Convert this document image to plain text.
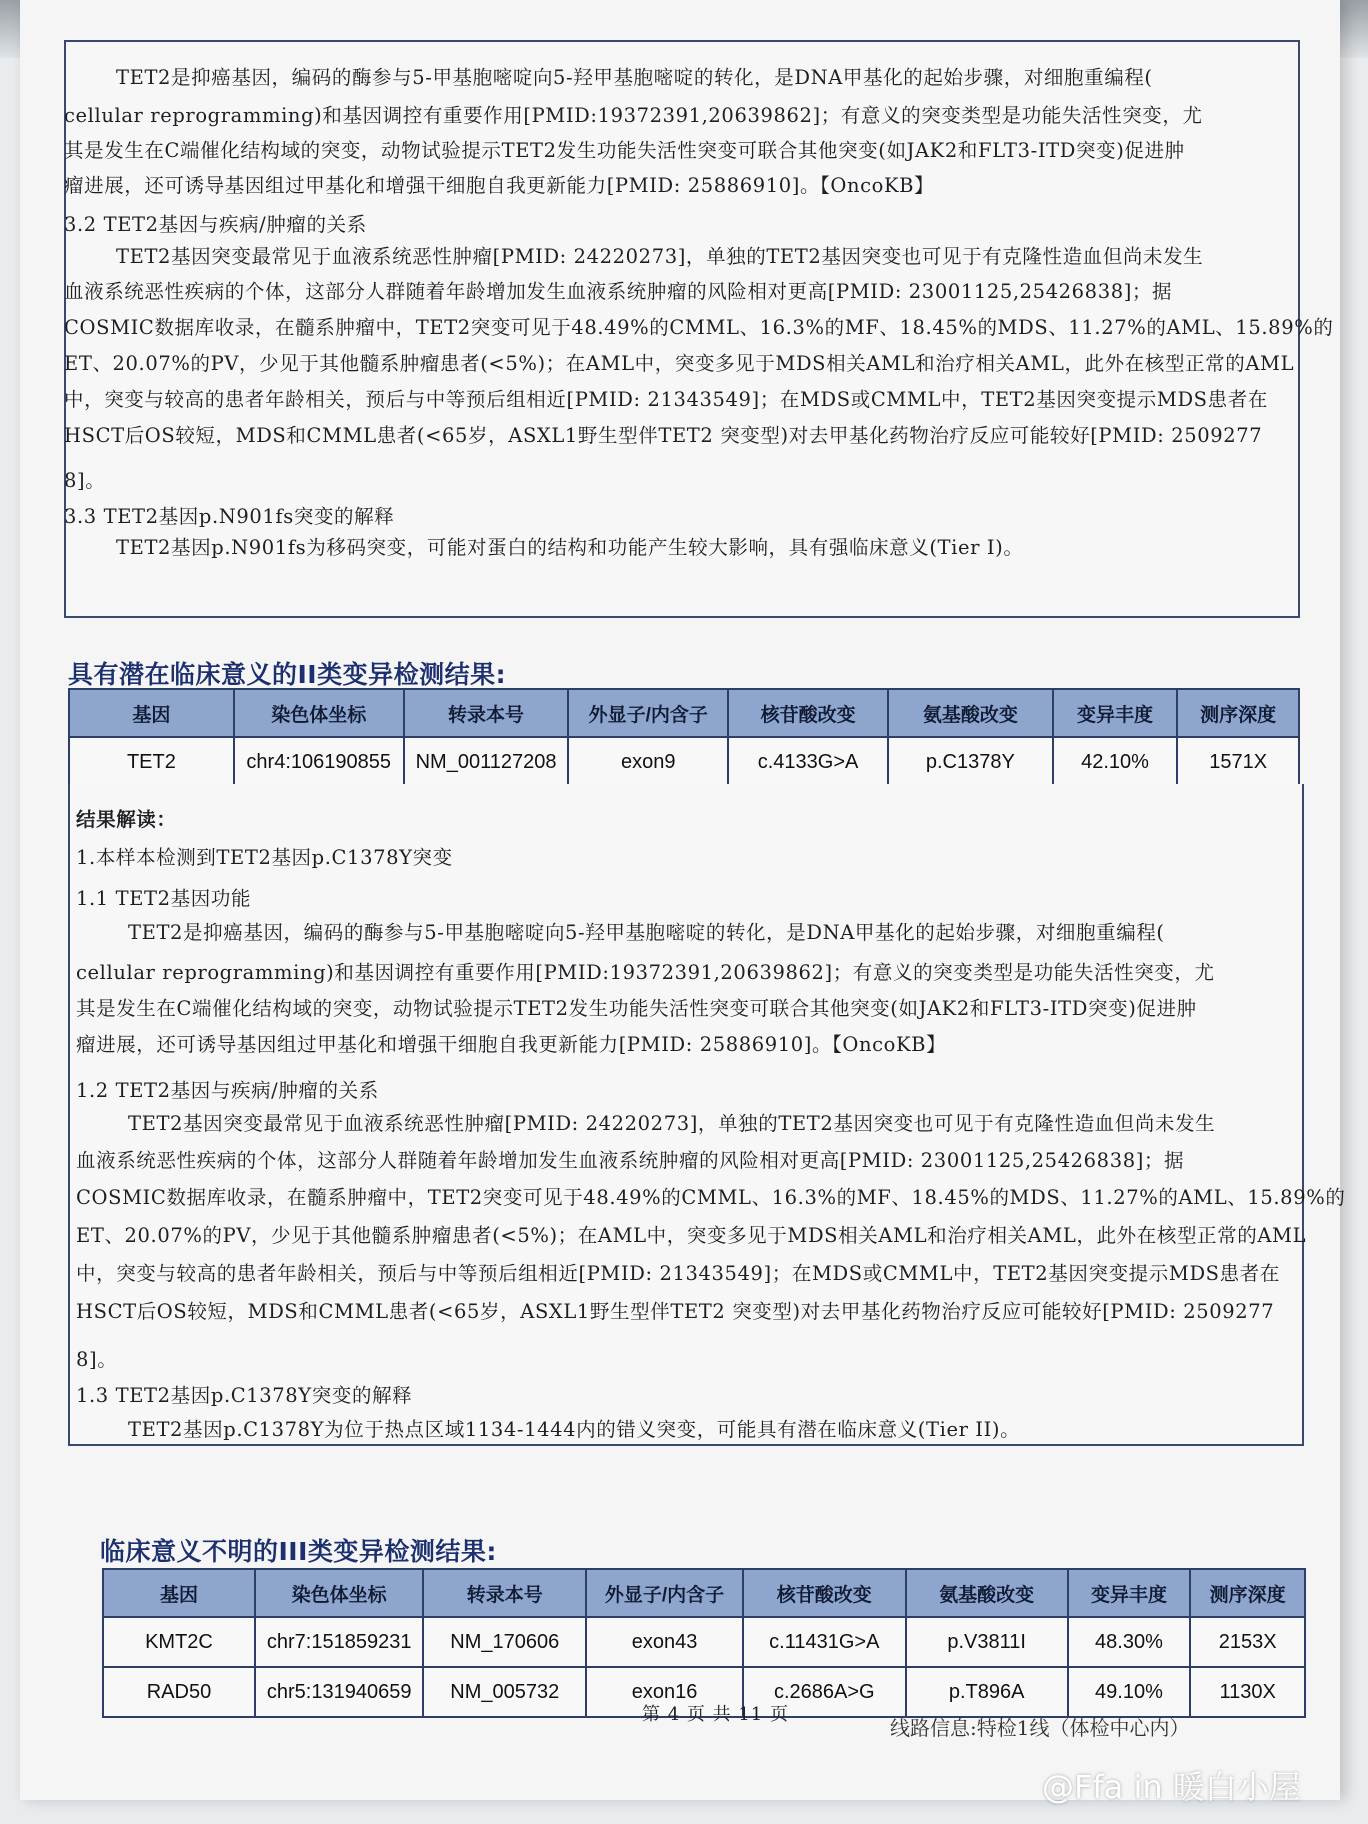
TET2是抑癌基因，编码的酶参与5-甲基胞嘧啶向5-羟甲基胞嘧啶的转化，是DNA甲基化的起始步骤，对细胞重编程(
cellular reprogramming)和基因调控有重要作用[PMID:19372391,20639862]；有意义的突变类型是功能失活性突变，尤
其是发生在C端催化结构域的突变，动物试验提示TET2发生功能失活性突变可联合其他突变(如JAK2和FLT3-ITD突变)促进肿
瘤进展，还可诱导基因组过甲基化和增强干细胞自我更新能力[PMID: 25886910]。【OncoKB】
3.2 TET2基因与疾病/肿瘤的关系
TET2基因突变最常见于血液系统恶性肿瘤[PMID: 24220273]，单独的TET2基因突变也可见于有克隆性造血但尚未发生
血液系统恶性疾病的个体，这部分人群随着年龄增加发生血液系统肿瘤的风险相对更高[PMID: 23001125,25426838]；据
COSMIC数据库收录，在髓系肿瘤中，TET2突变可见于48.49%的CMML、16.3%的MF、18.45%的MDS、11.27%的AML、15.89%的
ET、20.07%的PV，少见于其他髓系肿瘤患者(<5%)；在AML中，突变多见于MDS相关AML和治疗相关AML，此外在核型正常的AML
中，突变与较高的患者年龄相关，预后与中等预后组相近[PMID: 21343549]；在MDS或CMML中，TET2基因突变提示MDS患者在
HSCT后OS较短，MDS和CMML患者(<65岁，ASXL1野生型伴TET2 突变型)对去甲基化药物治疗反应可能较好[PMID: 2509277
8]。
3.3 TET2基因p.N901fs突变的解释
TET2基因p.N901fs为移码突变，可能对蛋白的结构和功能产生较大影响，具有强临床意义(Tier I)。
具有潜在临床意义的II类变异检测结果:
基因	染色体坐标	转录本号	外显子/内含子	核苷酸改变	氨基酸改变	变异丰度	测序深度
TET2	chr4:106190855	NM_001127208	exon9	c.4133G>A	p.C1378Y	42.10%	1571X
结果解读：
1.本样本检测到TET2基因p.C1378Y突变
1.1 TET2基因功能
TET2是抑癌基因，编码的酶参与5-甲基胞嘧啶向5-羟甲基胞嘧啶的转化，是DNA甲基化的起始步骤，对细胞重编程(
cellular reprogramming)和基因调控有重要作用[PMID:19372391,20639862]；有意义的突变类型是功能失活性突变，尤
其是发生在C端催化结构域的突变，动物试验提示TET2发生功能失活性突变可联合其他突变(如JAK2和FLT3-ITD突变)促进肿
瘤进展，还可诱导基因组过甲基化和增强干细胞自我更新能力[PMID: 25886910]。【OncoKB】
1.2 TET2基因与疾病/肿瘤的关系
TET2基因突变最常见于血液系统恶性肿瘤[PMID: 24220273]，单独的TET2基因突变也可见于有克隆性造血但尚未发生
血液系统恶性疾病的个体，这部分人群随着年龄增加发生血液系统肿瘤的风险相对更高[PMID: 23001125,25426838]；据
COSMIC数据库收录，在髓系肿瘤中，TET2突变可见于48.49%的CMML、16.3%的MF、18.45%的MDS、11.27%的AML、15.89%的
ET、20.07%的PV，少见于其他髓系肿瘤患者(<5%)；在AML中，突变多见于MDS相关AML和治疗相关AML，此外在核型正常的AML
中，突变与较高的患者年龄相关，预后与中等预后组相近[PMID: 21343549]；在MDS或CMML中，TET2基因突变提示MDS患者在
HSCT后OS较短，MDS和CMML患者(<65岁，ASXL1野生型伴TET2 突变型)对去甲基化药物治疗反应可能较好[PMID: 2509277
8]。
1.3 TET2基因p.C1378Y突变的解释
TET2基因p.C1378Y为位于热点区域1134-1444内的错义突变，可能具有潜在临床意义(Tier II)。
临床意义不明的III类变异检测结果:
基因	染色体坐标	转录本号	外显子/内含子	核苷酸改变	氨基酸改变	变异丰度	测序深度
KMT2C	chr7:151859231	NM_170606	exon43	c.11431G>A	p.V3811I	48.30%	2153X
RAD50	chr5:131940659	NM_005732	exon16	c.2686A>G	p.T896A	49.10%	1130X
第 4 页 共 11 页
线路信息:特检1线（体检中心内）
@Ffa in 暖白小屋
